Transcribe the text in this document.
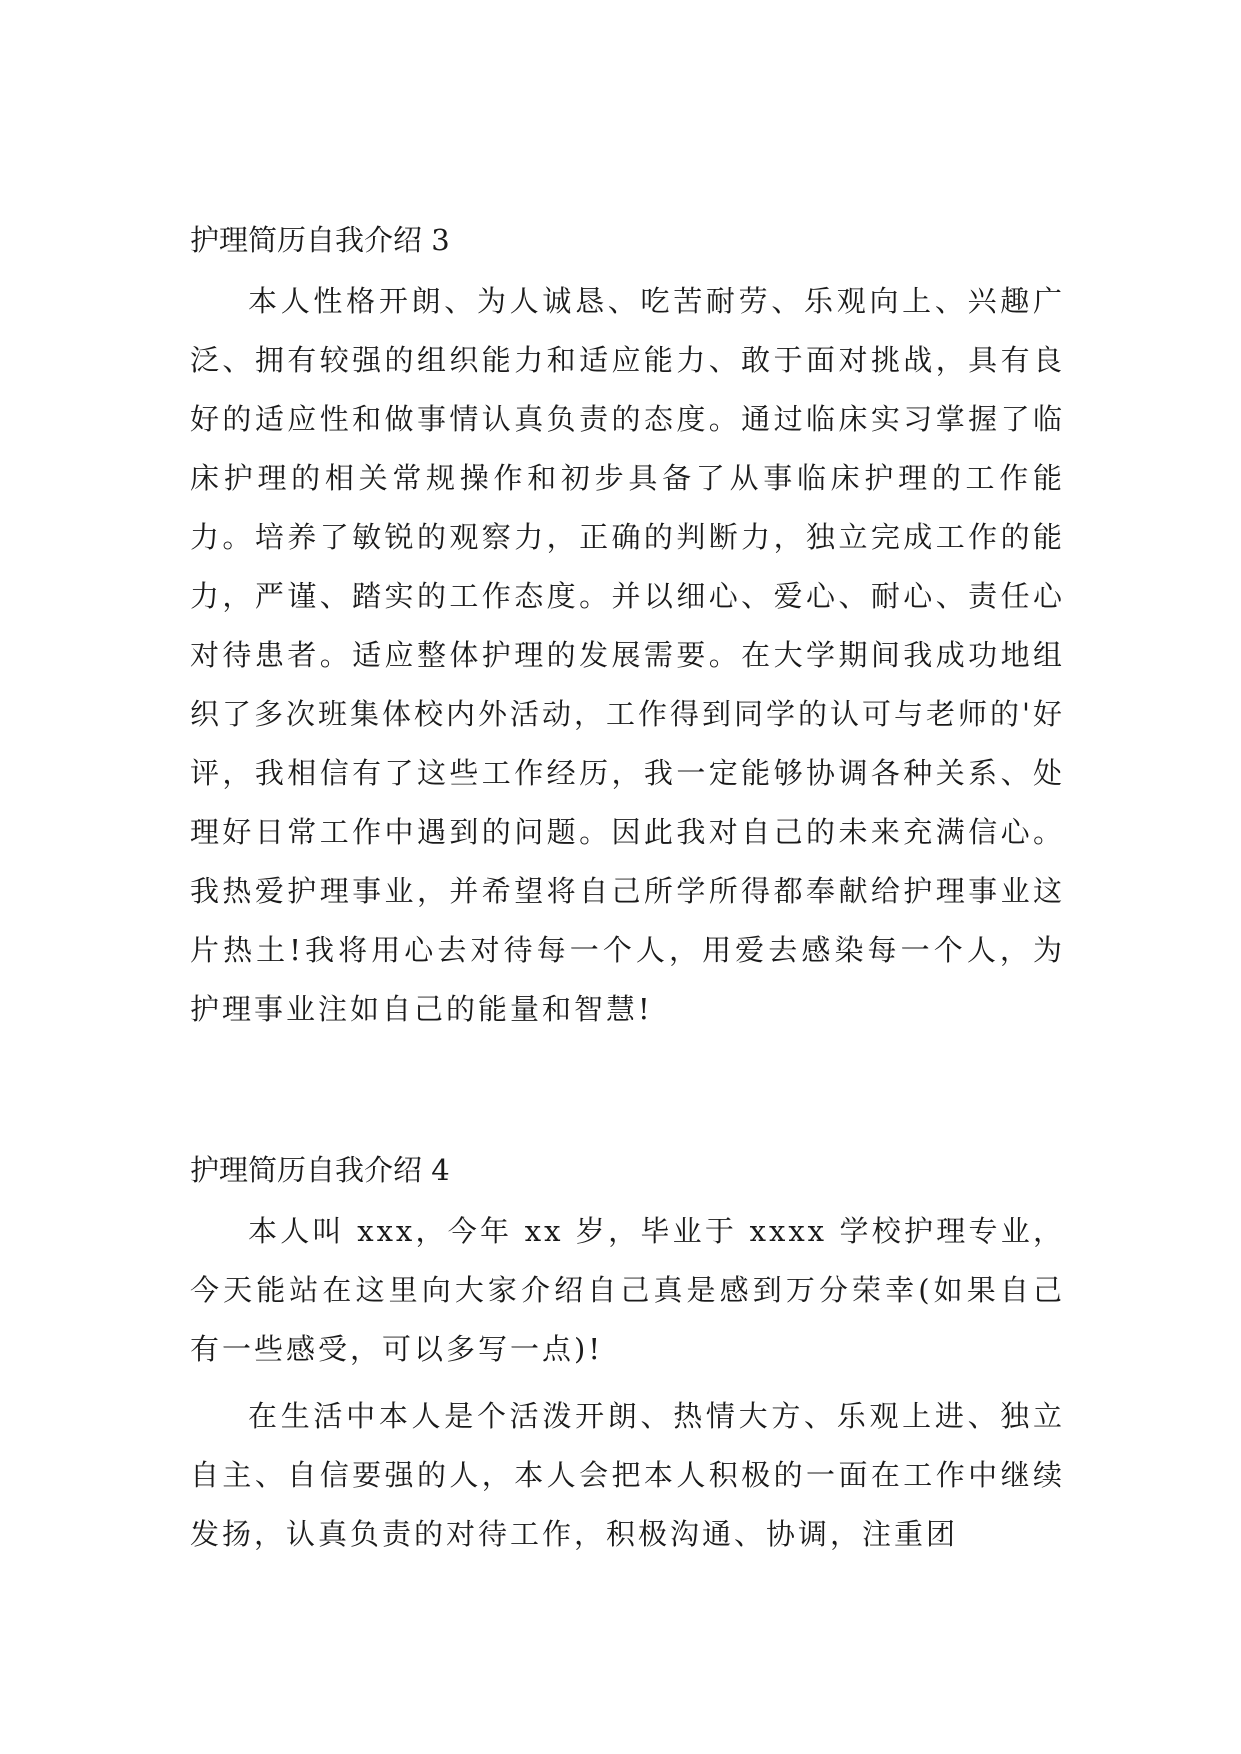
护理简历自我介绍 3

本人性格开朗、为人诚恳、吃苦耐劳、乐观向上、兴趣广泛、拥有较强的组织能力和适应能力、敢于面对挑战，具有良好的适应性和做事情认真负责的态度。通过临床实习掌握了临床护理的相关常规操作和初步具备了从事临床护理的工作能力。培养了敏锐的观察力，正确的判断力，独立完成工作的能力，严谨、踏实的工作态度。并以细心、爱心、耐心、责任心对待患者。适应整体护理的发展需要。在大学期间我成功地组织了多次班集体校内外活动，工作得到同学的认可与老师的'好评，我相信有了这些工作经历，我一定能够协调各种关系、处理好日常工作中遇到的问题。因此我对自己的未来充满信心。我热爱护理事业，并希望将自己所学所得都奉献给护理事业这片热土!我将用心去对待每一个人，用爱去感染每一个人，为护理事业注如自己的能量和智慧!

护理简历自我介绍 4

本人叫 xxx，今年 xx 岁，毕业于 xxxx 学校护理专业，今天能站在这里向大家介绍自己真是感到万分荣幸(如果自己有一些感受，可以多写一点)!

在生活中本人是个活泼开朗、热情大方、乐观上进、独立自主、自信要强的人，本人会把本人积极的一面在工作中继续发扬，认真负责的对待工作，积极沟通、协调，注重团
